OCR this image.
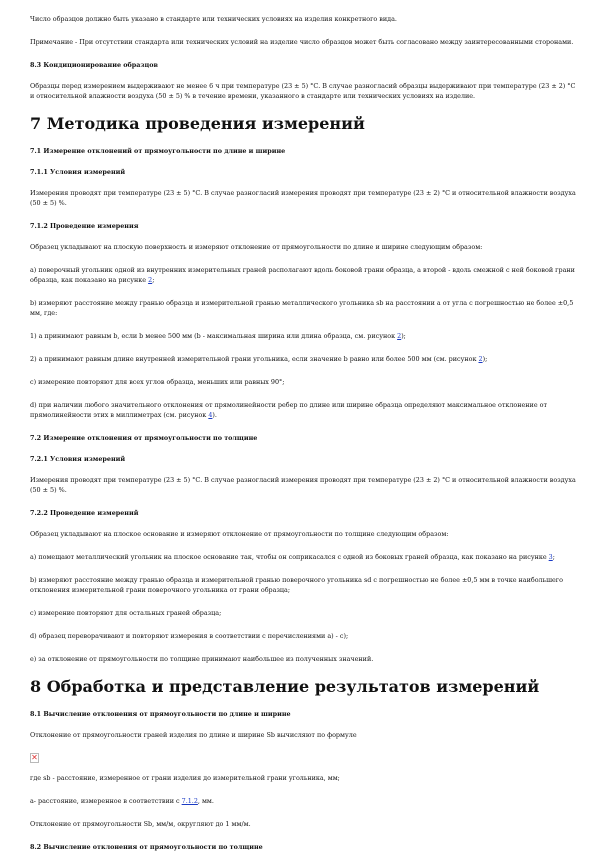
Число образцов должно быть указано в стандарте или технических условиях на изделия конкретного вида.

Примечание - При отсутствии стандарта или технических условий на изделие число образцов может быть согласовано между заинтересованными сторонами.

8.3 Кондиционирование образцов

Образцы перед измерением выдерживают не менее 6 ч при температуре (23 ± 5) °С. В случае разногласий образцы выдерживают при температуре (23 ± 2) °С и относительной влажности воздуха (50 ± 5) % в течение времени, указанного в стандарте или технических условиях на изделие.

7 Методика проведения измерений

7.1 Измерение отклонений от прямоугольности по длине и ширине

7.1.1 Условия измерений

Измерения проводят при температуре (23 ± 5) °С. В случае разногласий измерения проводят при температуре (23 ± 2) °С и относительной влажности воздуха (50 ± 5) %.

7.1.2 Проведение измерения

Образец укладывают на плоскую поверхность и измеряют отклонение от прямоугольности по длине и ширине следующим образом:

а) поверочный угольник одной из внутренних измерительных граней располагают вдоль боковой грани образца, а второй - вдоль смежной с ней боковой грани образца, как показано на рисунке 2;

b) измеряют расстояние между гранью образца и измерительной гранью металлического угольника sb на расстоянии a от угла с погрешностью не более ±0,5 мм, где:

1) а принимают равным b, если b менее 500 мм (b - максимальная ширина или длина образца, см. рисунок 2);

2) а принимают равным длине внутренней измерительной грани угольника, если значение b равно или более 500 мм (см. рисунок 2);

с) измерение повторяют для всех углов образца, меньших или равных 90°;

d) при наличии любого значительного отклонения от прямолинейности ребер по длине или ширине образца определяют максимальное отклонение от прямолинейности этих в миллиметрах (см. рисунок 4).

7.2 Измерение отклонения от прямоугольности по толщине

7.2.1 Условия измерений

Измерения проводят при температуре (23 ± 5) °С. В случае разногласий измерения проводят при температуре (23 ± 2) °С и относительной влажности воздуха (50 ± 5) %.

7.2.2 Проведение измерений

Образец укладывают на плоское основание и измеряют отклонение от прямоугольности по толщине следующим образом:

а) помещают металлический угольник на плоское основание так, чтобы он соприкасался с одной из боковых граней образца, как показано на рисунке 3;

b) измеряют расстояние между гранью образца и измерительной гранью поверочного угольника sd с погрешностью не более ±0,5 мм в точке наибольшего отклонения измерительной грани поверочного угольника от грани образца;

с) измерение повторяют для остальных граней образца;

d) образец переворачивают и повторяют измерения в соответствии с перечислениями а) - с);

е) за отклонение от прямоугольности по толщине принимают наибольшее из полученных значений.

8 Обработка и представление результатов измерений

8.1 Вычисление отклонения от прямоугольности по длине и ширине

Отклонение от прямоугольности граней изделия по длине и ширине Sb вычисляют по формуле

✕

где sb - расстояние, измеренное от грани изделия до измерительной грани угольника, мм;

а- расстояние, измеренное в соответствии с 7.1.2, мм.

Отклонение от прямоугольности Sb, мм/м, округляют до 1 мм/м.

8.2 Вычисление отклонения от прямоугольности по толщине
